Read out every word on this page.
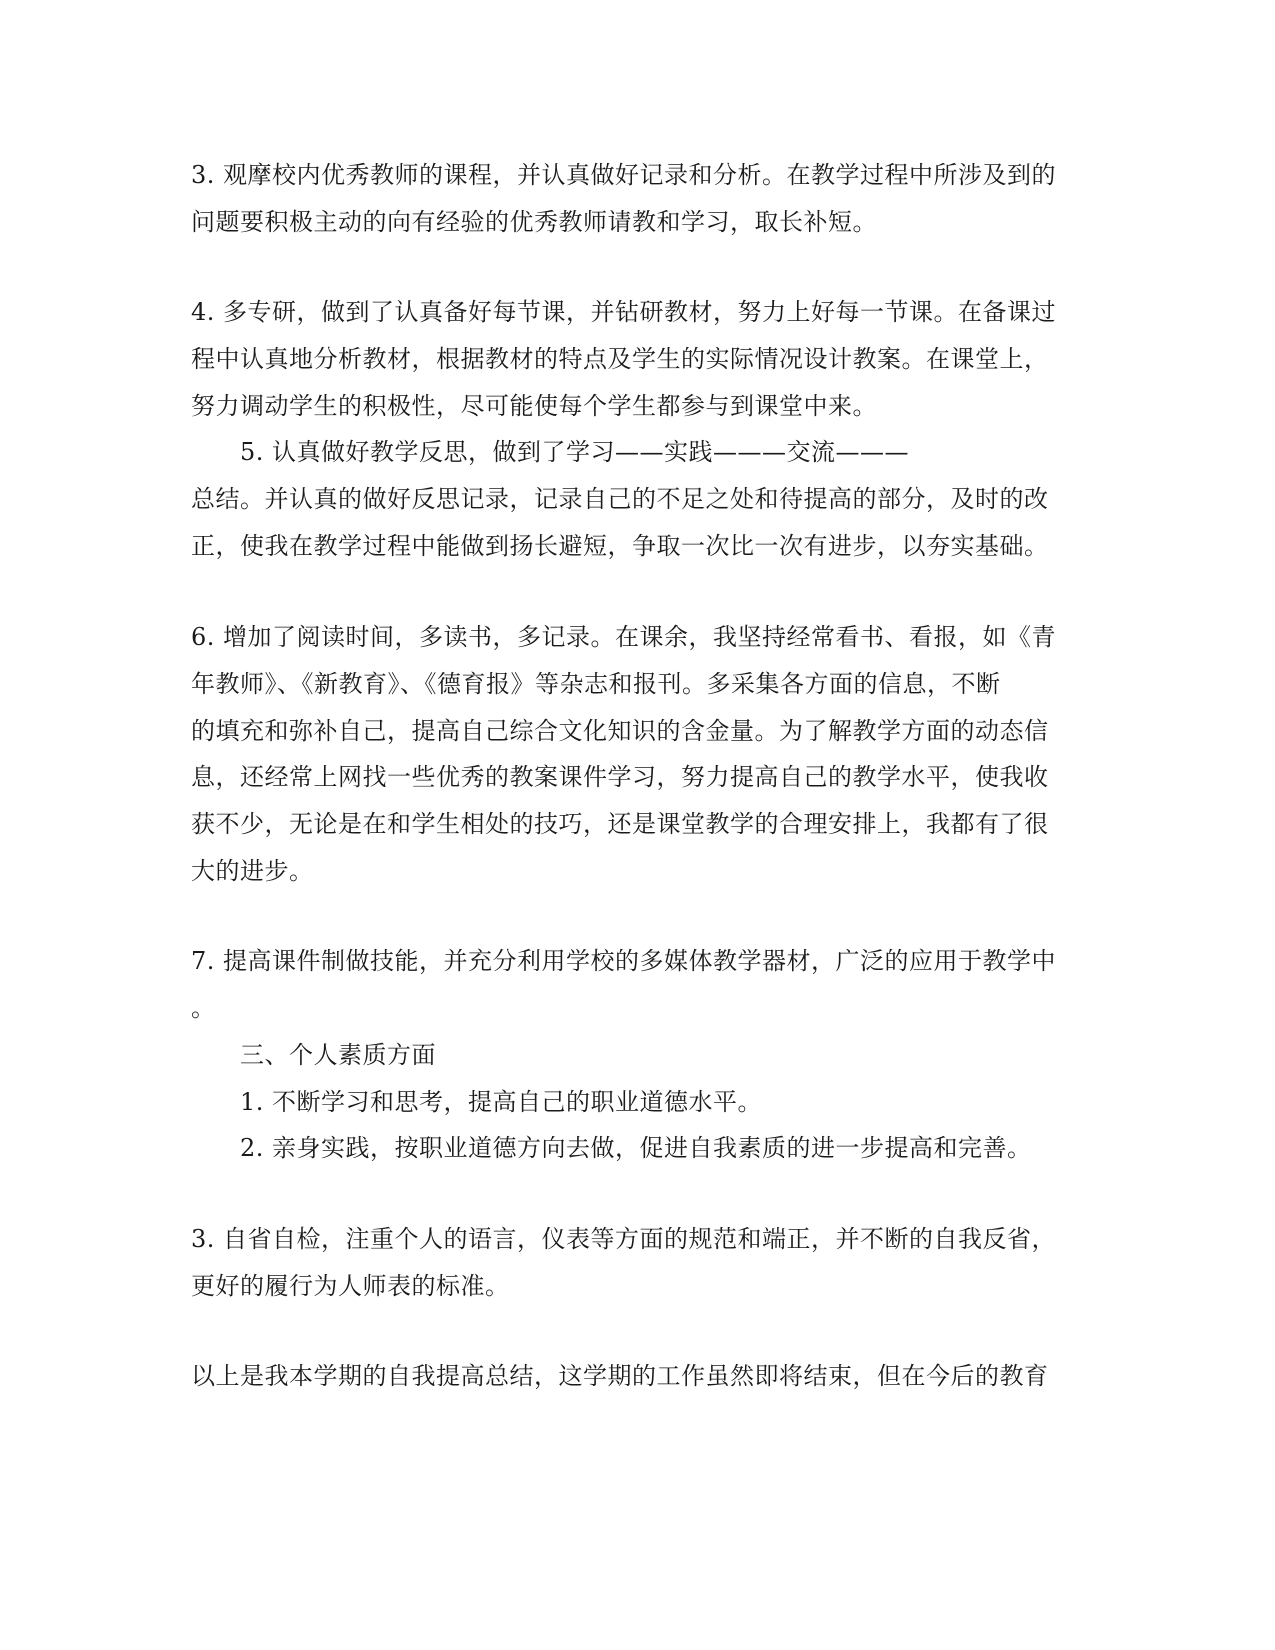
3. 观摩校内优秀教师的课程，并认真做好记录和分析。在教学过程中所涉及到的
问题要积极主动的向有经验的优秀教师请教和学习，取长补短。
4. 多专研，做到了认真备好每节课，并钻研教材，努力上好每一节课。在备课过
程中认真地分析教材，根据教材的特点及学生的实际情况设计教案。在课堂上，
努力调动学生的积极性，尽可能使每个学生都参与到课堂中来。
5. 认真做好教学反思，做到了学习——实践———交流———
总结。并认真的做好反思记录，记录自己的不足之处和待提高的部分，及时的改
正，使我在教学过程中能做到扬长避短，争取一次比一次有进步，以夯实基础。
6. 增加了阅读时间，多读书，多记录。在课余，我坚持经常看书、看报，如《青
年教师》、《新教育》、《德育报》等杂志和报刊。多采集各方面的信息，不断
的填充和弥补自己，提高自己综合文化知识的含金量。为了解教学方面的动态信
息，还经常上网找一些优秀的教案课件学习，努力提高自己的教学水平，使我收
获不少，无论是在和学生相处的技巧，还是课堂教学的合理安排上，我都有了很
大的进步。
7. 提高课件制做技能，并充分利用学校的多媒体教学器材，广泛的应用于教学中
。
三、个人素质方面
1. 不断学习和思考，提高自己的职业道德水平。
2. 亲身实践，按职业道德方向去做，促进自我素质的进一步提高和完善。
3. 自省自检，注重个人的语言，仪表等方面的规范和端正，并不断的自我反省，
更好的履行为人师表的标准。
以上是我本学期的自我提高总结，这学期的工作虽然即将结束，但在今后的教育
